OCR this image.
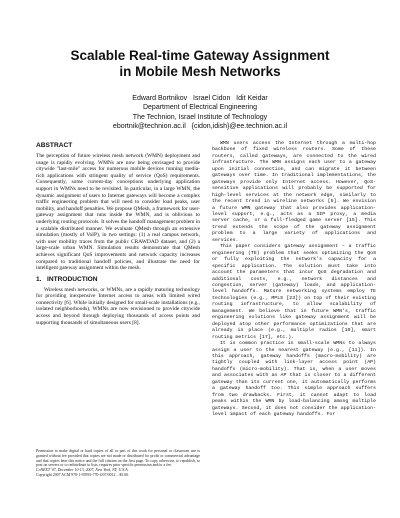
Scalable Real-time Gateway Assignment
in Mobile Mesh Networks
Edward Bortnikov   Israel Cidon   Idit Keidar
Department of Electrical Engineering
The Technion, Israel Institute of Technology
ebortnik@technion.ac.il   {cidon,idish}@ee.technion.ac.il
ABSTRACT

The perception of future wireless mesh network (WMN) deployment and usage is rapidly evolving. WMNs are now being envisaged to provide citywide "last-mile" access for numerous mobile devices running media-rich applications with stringent quality of service (QoS) requirements. Consequently, some current-day conceptions underlying application support in WMNs need to be revisited. In particular, in a large WMN, the dynamic assignment of users to Internet gateways will become a complex traffic engineering problem that will need to consider load peaks, user mobility, and handoff penalties. We propose QMesh, a framework for user-gateway assignment that runs inside the WMN, and is oblivious to underlying routing protocols. It solves the handoff management problem in a scalable distributed manner. We evaluate QMesh through an extensive simulation (mostly of VoIP), in two settings: (1) a real campus network, with user mobility traces from the public CRAWDAD dataset, and (2) a large-scale urban WMN. Simulation results demonstrate that QMesh achieves significant QoS improvements and network capacity increases compared to traditional handoff policies, and illustrate the need for intelligent gateway assignment within the mesh.

1.   INTRODUCTION

Wireless mesh networks, or WMNs, are a rapidly maturing technology for providing inexpensive Internet access to areas with limited wired connectivity [6]. While initially designed for small-scale installations (e.g., isolated neighborhoods), WMNs are now envisioned to provide citywide access and beyond through deploying thousands of access points and supporting thousands of simultaneous users [8].

Permission to make digital or hard copies of all or part of this work for personal or classroom use is granted without fee provided that copies are not made or distributed for profit or commercial advantage and that copies bear this notice and the full citation on the first page. To copy otherwise, to republish, to post on servers or to redistribute to lists, requires prior specific permission and/or a fee.

CoNEXT '07, December 10-13, 2007, New York, NY, U.S.A.

Copyright 2007 ACM 978-1-59593-770-4/07/0012 ...$5.00.

WMN users access the Internet through a multi-hop backbone of fixed wireless routers. Some of these routers, called gateways, are connected to the wired infrastructure. The WMN assigns each user to a gateway upon initial connection, and can migrate it between gateways over time. In traditional implementations, the gateways provide only Internet access. However, QoS-sensitive applications will probably be supported for high-level services at the network edge, similarly to the recent trend in wireline networks [5]. We envision a future WMN gateway that also provides application-level support, e.g., acts as a SIP proxy, a media server cache, or a full-fledged game server [15]. This trend extends the scope of the gateway assignment problem to a large variety of applications and services.

This paper considers gateway assignment – a traffic engineering (TE) problem that seeks optimizing the QoS or fully exploiting the network's capacity for a specific application. The solution must take into account the parameters that incur QoS degradation and additional costs, e.g., network distances and congestion, server (gateway) loads, and application-level handoffs. Mature networking systems employ TE technologies (e.g., MPLS [23]) on top of their existing routing infrastructure, to allow scalability of management. We believe that in future WMN's, traffic engineering solutions like gateway assignment will be deployed atop other performance optimizations that are already in place (e.g., multiple radios [10], smart routing metrics [17], etc.).

It is common practice in small-scale WMNs to always assign a user to the nearest gateway (e.g., [11]). In this approach, gateway handoffs (macro-mobility) are tightly coupled with link-layer access point (AP) handoffs (micro-mobility). That is, when a user moves and associates with an AP that is closer to a different gateway than its current one, it automatically performs a gateway handoff too. This simple approach suffers from two drawbacks. First, it cannot adapt to load peaks within the WMN by load-balancing among multiple gateways. Second, it does not consider the application-level impact of each gateway handoffs. For
